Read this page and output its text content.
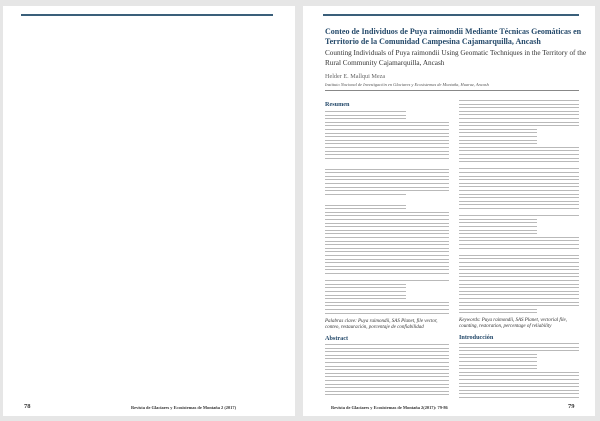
78	Revista de Glaciares y Ecosistemas de Montaña 2 (2017)
Conteo de Individuos de Puya raimondii Mediante Técnicas Geomáticas en Territorio de la Comunidad Campesina Cajamarquilla, Ancash
Counting Individuals of Puya raimondii Using Geomatic Techniques in the Territory of the Rural Community Cajamarquilla, Ancash
Helder E. Mallqui Meza
Instituto Nacional de Investigación en Glaciares y Ecosistemas de Montaña, Huaraz, Ancash
Resumen
Palabras clave: Puya raimondii, SAS Planet, file vector, conteo, restauración, porcentaje de confiabilidad
Abstract
Keywords: Puya raimondii, SAS Planet, vectorial file, counting, restoration, percentage of reliability
Introducción
Revista de Glaciares y Ecosistemas de Montaña 2(2017): 79-86	79
